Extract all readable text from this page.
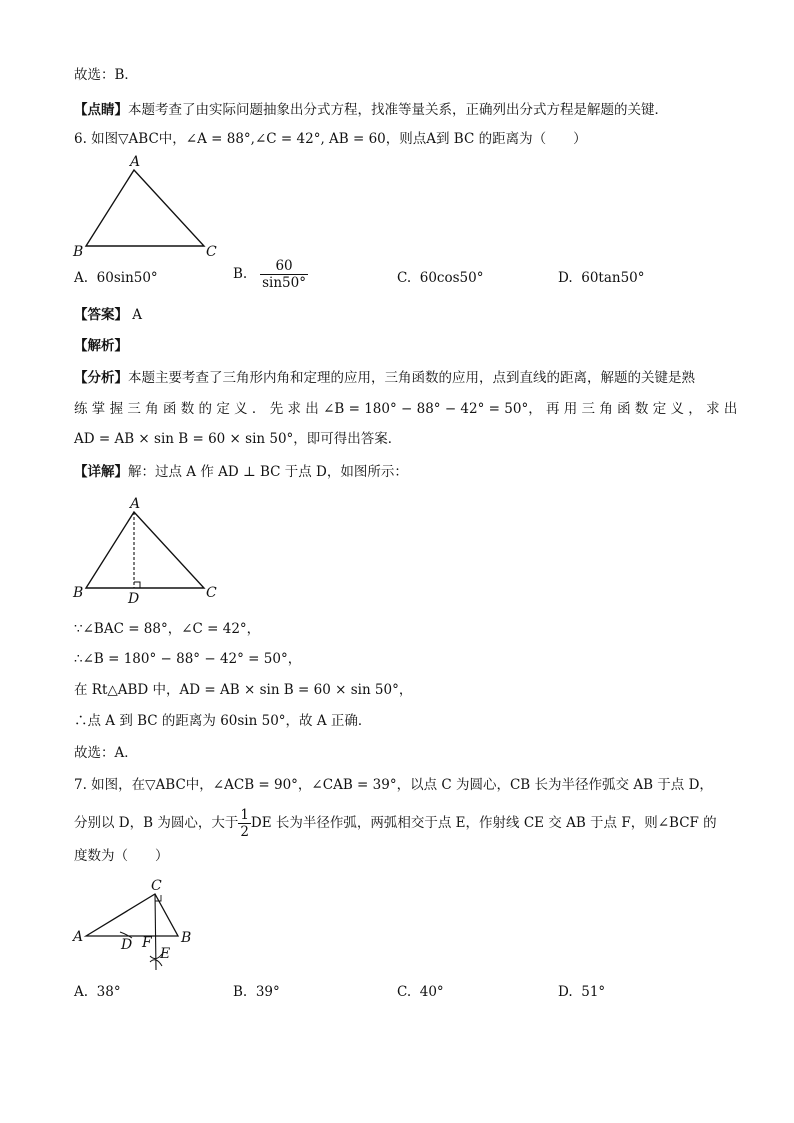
故选：B．
【点睛】本题考查了由实际问题抽象出分式方程，找准等量关系，正确列出分式方程是解题的关键．
6. 如图▽ABC中，∠A = 88°,∠C = 42°, AB = 60，则点A到 BC 的距离为（　　）
A
B	C
A. 60sin50°	B. $\frac{60}{\sin 50^\circ}$	C. 60cos50°	D. 60tan50°
【答案】 A
【解析】
【分析】本题主要考查了三角形内角和定理的应用，三角函数的应用，点到直线的距离，解题的关键是熟
练 掌 握 三 角 函 数 的 定 义 ． 先 求 出 ∠B = 180° − 88° − 42° = 50°， 再 用 三 角 函 数 定 义 ， 求 出
AD = AB × sin B = 60 × sin 50°，即可得出答案．
【详解】解：过点 A 作 AD ⊥ BC 于点 D，如图所示：
A
B	C
D
∵∠BAC = 88°，∠C = 42°，
∴∠B = 180° − 88° − 42° = 50°，
在 Rt△ABD 中，AD = AB × sin B = 60 × sin 50°，
∴点 A 到 BC 的距离为 60sin 50°，故 A 正确．
故选：A．
7. 如图，在▽ABC中，∠ACB = 90°，∠CAB = 39°，以点 C 为圆心，CB 长为半径作弧交 AB 于点 D，
分别以 D，B 为圆心，大于 $\frac{1}{2}$ DE 长为半径作弧，两弧相交于点 E，作射线 CE 交 AB 于点 F，则∠BCF 的
度数为（　　）
A
C
B
D F
E
A. 38°	B. 39°	C. 40°	D. 51°
